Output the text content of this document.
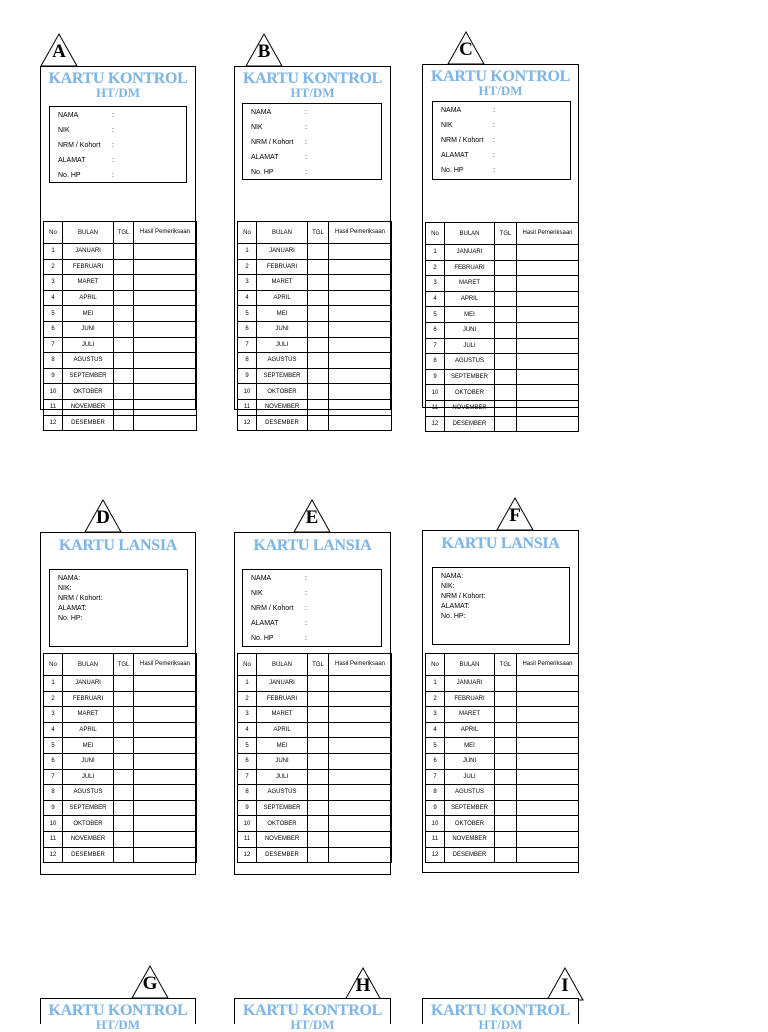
A
KARTU KONTROL
HT/DM
NAMA	:
NIK	:
NRM / Kohort :
ALAMAT	:
No. HP	:
No	BULAN	TGL	Hasil Pemeriksaan
1	JANUARI		
2	FEBRUARI		
3	MARET		
4	APRIL		
5	MEI		
6	JUNI		
7	JULI		
8	AGUSTUS		
9	SEPTEMBER		
10	OKTOBER		
11	NOVEMBER		
12	DESEMBER		
B
KARTU KONTROL
HT/DM
NAMA	:
NIK	:
NRM / Kohort :
ALAMAT	:
No. HP	:
No	BULAN	TGL	Hasil Pemeriksaan
1	JANUARI		
2	FEBRUARI		
3	MARET		
4	APRIL		
5	MEI		
6	JUNI		
7	JULI		
8	AGUSTUS		
9	SEPTEMBER		
10	OKTOBER		
11	NOVEMBER		
12	DESEMBER		
C
KARTU KONTROL
HT/DM
NAMA	:
NIK	:
NRM / Kohort :
ALAMAT	:
No. HP	:
No	BULAN	TGL	Hasil Pemeriksaan
1	JANUARI		
2	FEBRUARI		
3	MARET		
4	APRIL		
5	MEI		
6	JUNI		
7	JULI		
8	AGUSTUS		
9	SEPTEMBER		
10	OKTOBER		
11	NOVEMBER		
12	DESEMBER		
D
KARTU LANSIA
NAMA:
NIK:
NRM / Kohort:
ALAMAT:
No. HP:
No	BULAN	TGL	Hasil Pemeriksaan
1	JANUARI		
2	FEBRUARI		
3	MARET		
4	APRIL		
5	MEI		
6	JUNI		
7	JULI		
8	AGUSTUS		
9	SEPTEMBER		
10	OKTOBER		
11	NOVEMBER		
12	DESEMBER		
E
KARTU LANSIA
NAMA	:
NIK	:
NRM / Kohort :
ALAMAT	:
No. HP	:
No	BULAN	TGL	Hasil Pemeriksaan
1	JANUARI		
2	FEBRUARI		
3	MARET		
4	APRIL		
5	MEI		
6	JUNI		
7	JULI		
8	AGUSTUS		
9	SEPTEMBER		
10	OKTOBER		
11	NOVEMBER		
12	DESEMBER		
F
KARTU LANSIA
NAMA:
NIK:
NRM / Kohort:
ALAMAT:
No. HP:
No	BULAN	TGL	Hasil Pemeriksaan
1	JANUARI		
2	FEBRUARI		
3	MARET		
4	APRIL		
5	MEI		
6	JUNI		
7	JULI		
8	AGUSTUS		
9	SEPTEMBER		
10	OKTOBER		
11	NOVEMBER		
12	DESEMBER		
G
KARTU KONTROL
HT/DM
H
KARTU KONTROL
HT/DM
I
KARTU KONTROL
HT/DM
